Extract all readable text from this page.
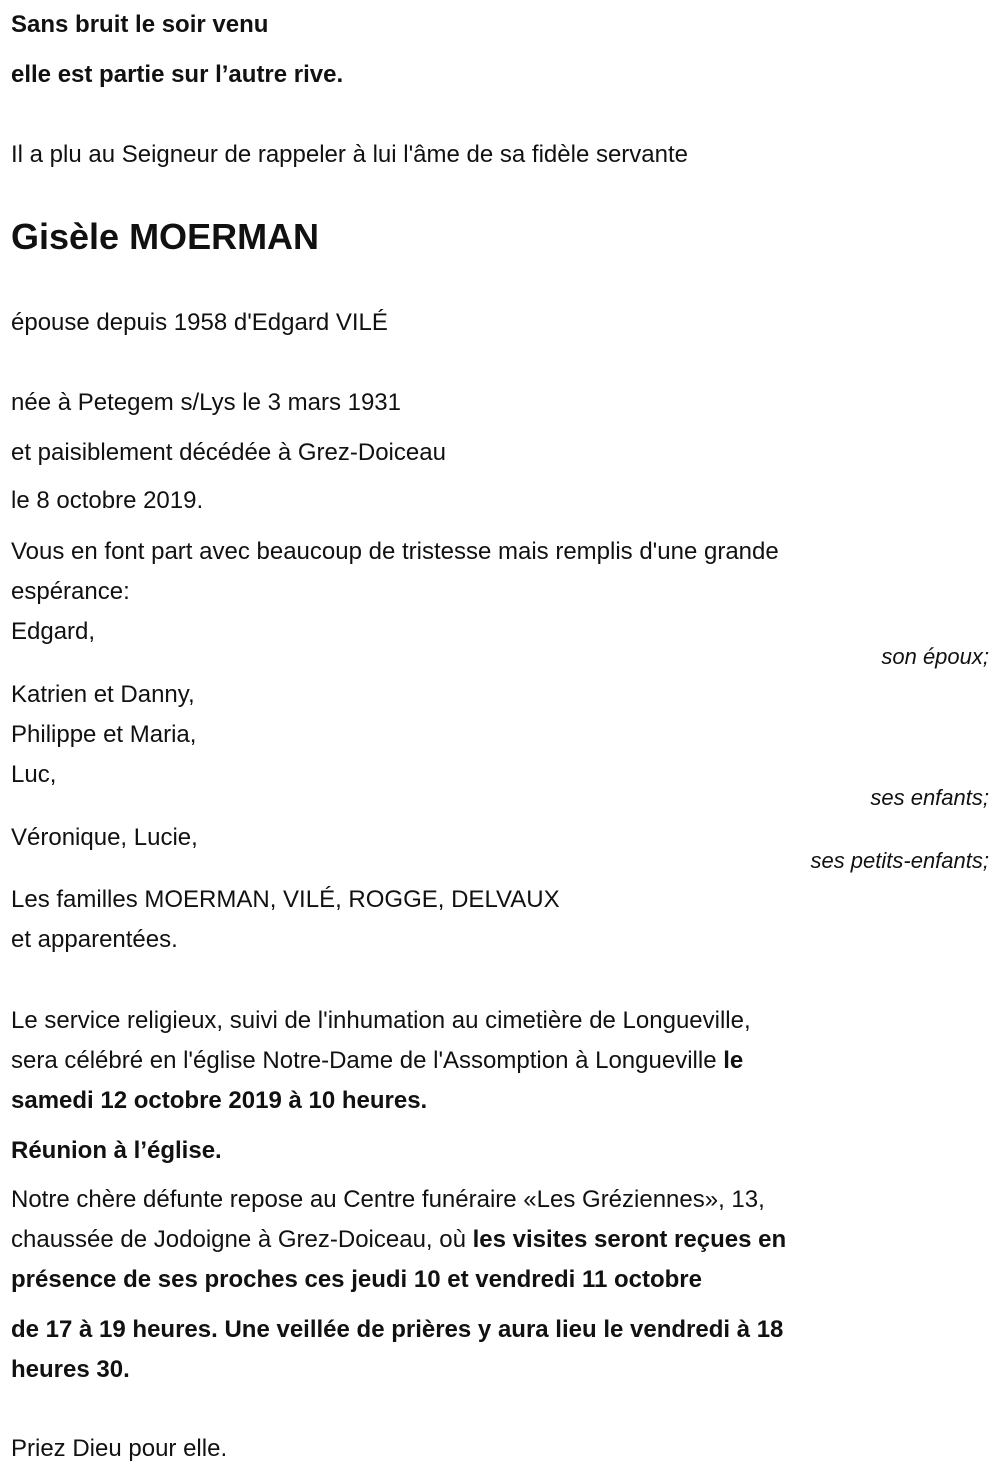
Sans bruit le soir venu
elle est partie sur l’autre rive.
Il a plu au Seigneur de rappeler à lui l'âme de sa fidèle servante
Gisèle MOERMAN
épouse depuis 1958 d'Edgard VILÉ
née à Petegem s/Lys le 3 mars 1931
et paisiblement décédée à Grez-Doiceau
le 8 octobre 2019.
Vous en font part avec beaucoup de tristesse mais remplis d'une grande
espérance:
Edgard,
son époux;
Katrien et Danny,
Philippe et Maria,
Luc,
ses enfants;
Véronique, Lucie,
ses petits-enfants;
Les familles MOERMAN, VILÉ, ROGGE, DELVAUX
et apparentées.
Le service religieux, suivi de l'inhumation au cimetière de Longueville,
sera célébré en l'église Notre-Dame de l'Assomption à Longueville le
samedi 12 octobre 2019 à 10 heures.
Réunion à l’église.
Notre chère défunte repose au Centre funéraire «Les Gréziennes», 13,
chaussée de Jodoigne à Grez-Doiceau, où les visites seront reçues en
présence de ses proches ces jeudi 10 et vendredi 11 octobre
de 17 à 19 heures. Une veillée de prières y aura lieu le vendredi à 18
heures 30.
Priez Dieu pour elle.
